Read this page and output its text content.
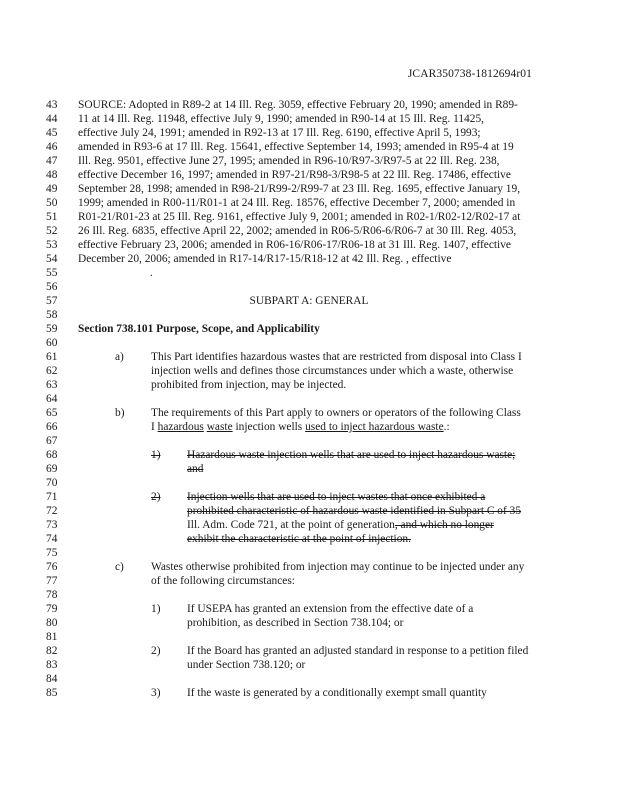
JCAR350738-1812694r01
43	SOURCE: Adopted in R89-2 at 14 Ill. Reg. 3059, effective February 20, 1990; amended in R89-
44	11 at 14 Ill. Reg. 11948, effective July 9, 1990; amended in R90-14 at 15 Ill. Reg. 11425,
45	effective July 24, 1991; amended in R92-13 at 17 Ill. Reg. 6190, effective April 5, 1993;
46	amended in R93-6 at 17 Ill. Reg. 15641, effective September 14, 1993; amended in R95-4 at 19
47	Ill. Reg. 9501, effective June 27, 1995; amended in R96-10/R97-3/R97-5 at 22 Ill. Reg. 238,
48	effective December 16, 1997; amended in R97-21/R98-3/R98-5 at 22 Ill. Reg. 17486, effective
49	September 28, 1998; amended in R98-21/R99-2/R99-7 at 23 Ill. Reg. 1695, effective January 19,
50	1999; amended in R00-11/R01-1 at 24 Ill. Reg. 18576, effective December 7, 2000; amended in
51	R01-21/R01-23 at 25 Ill. Reg. 9161, effective July 9, 2001; amended in R02-1/R02-12/R02-17 at
52	26 Ill. Reg. 6835, effective April 22, 2002; amended in R06-5/R06-6/R06-7 at 30 Ill. Reg. 4053,
53	effective February 23, 2006; amended in R06-16/R06-17/R06-18 at 31 Ill. Reg. 1407, effective
54	December 20, 2006; amended in R17-14/R17-15/R18-12 at 42 Ill. Reg. , effective
55	.
56
57	SUBPART A: GENERAL
58
59	Section 738.101 Purpose, Scope, and Applicability
60
61	a) This Part identifies hazardous wastes that are restricted from disposal into Class I
62	injection wells and defines those circumstances under which a waste, otherwise
63	prohibited from injection, may be injected.
64
65	b) The requirements of this Part apply to owners or operators of the following Class
66	I hazardous waste injection wells used to inject hazardous waste.:
67
68	1) Hazardous waste injection wells that are used to inject hazardous waste;
69	and
70
71	2) Injection wells that are used to inject wastes that once exhibited a
72	prohibited characteristic of hazardous waste identified in Subpart C of 35
73	Ill. Adm. Code 721, at the point of generation, and which no longer
74	exhibit the characteristic at the point of injection.
75
76	c) Wastes otherwise prohibited from injection may continue to be injected under any
77	of the following circumstances:
78
79	1) If USEPA has granted an extension from the effective date of a
80	prohibition, as described in Section 738.104; or
81
82	2) If the Board has granted an adjusted standard in response to a petition filed
83	under Section 738.120; or
84
85	3) If the waste is generated by a conditionally exempt small quantity
